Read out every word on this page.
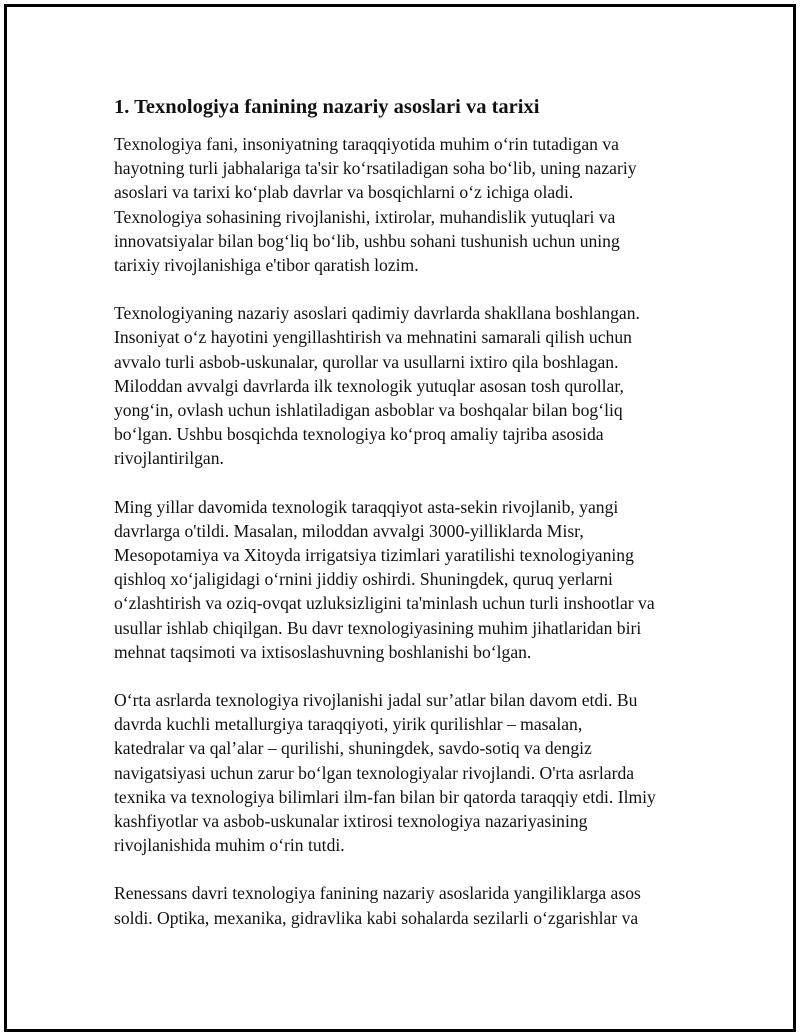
1. Texnologiya fanining nazariy asoslari va tarixi
Texnologiya fani, insoniyatning taraqqiyotida muhim oʻrin tutadigan va
hayotning turli jabhalariga ta'sir koʻrsatiladigan soha boʻlib, uning nazariy
asoslari va tarixi koʻplab davrlar va bosqichlarni oʻz ichiga oladi.
Texnologiya sohasining rivojlanishi, ixtirolar, muhandislik yutuqlari va
innovatsiyalar bilan bogʻliq boʻlib, ushbu sohani tushunish uchun uning
tarixiy rivojlanishiga e'tibor qaratish lozim.
Texnologiyaning nazariy asoslari qadimiy davrlarda shakllana boshlangan.
Insoniyat oʻz hayotini yengillashtirish va mehnatini samarali qilish uchun
avvalo turli asbob-uskunalar, qurollar va usullarni ixtiro qila boshlagan.
Miloddan avvalgi davrlarda ilk texnologik yutuqlar asosan tosh qurollar,
yongʻin, ovlash uchun ishlatiladigan asboblar va boshqalar bilan bogʻliq
boʻlgan. Ushbu bosqichda texnologiya koʻproq amaliy tajriba asosida
rivojlantirilgan.
Ming yillar davomida texnologik taraqqiyot asta-sekin rivojlanib, yangi
davrlarga o'tildi. Masalan, miloddan avvalgi 3000-yilliklarda Misr,
Mesopotamiya va Xitoyda irrigatsiya tizimlari yaratilishi texnologiyaning
qishloq xoʻjaligidagi oʻrnini jiddiy oshirdi. Shuningdek, quruq yerlarni
oʻzlashtirish va oziq-ovqat uzluksizligini ta'minlash uchun turli inshootlar va
usullar ishlab chiqilgan. Bu davr texnologiyasining muhim jihatlaridan biri
mehnat taqsimoti va ixtisoslashuvning boshlanishi boʻlgan.
Oʻrta asrlarda texnologiya rivojlanishi jadal sur’atlar bilan davom etdi. Bu
davrda kuchli metallurgiya taraqqiyoti, yirik qurilishlar – masalan,
katedralar va qal’alar – qurilishi, shuningdek, savdo-sotiq va dengiz
navigatsiyasi uchun zarur boʻlgan texnologiyalar rivojlandi. O'rta asrlarda
texnika va texnologiya bilimlari ilm-fan bilan bir qatorda taraqqiy etdi. Ilmiy
kashfiyotlar va asbob-uskunalar ixtirosi texnologiya nazariyasining
rivojlanishida muhim oʻrin tutdi.
Renessans davri texnologiya fanining nazariy asoslarida yangiliklarga asos
soldi. Optika, mexanika, gidravlika kabi sohalarda sezilarli oʻzgarishlar va
